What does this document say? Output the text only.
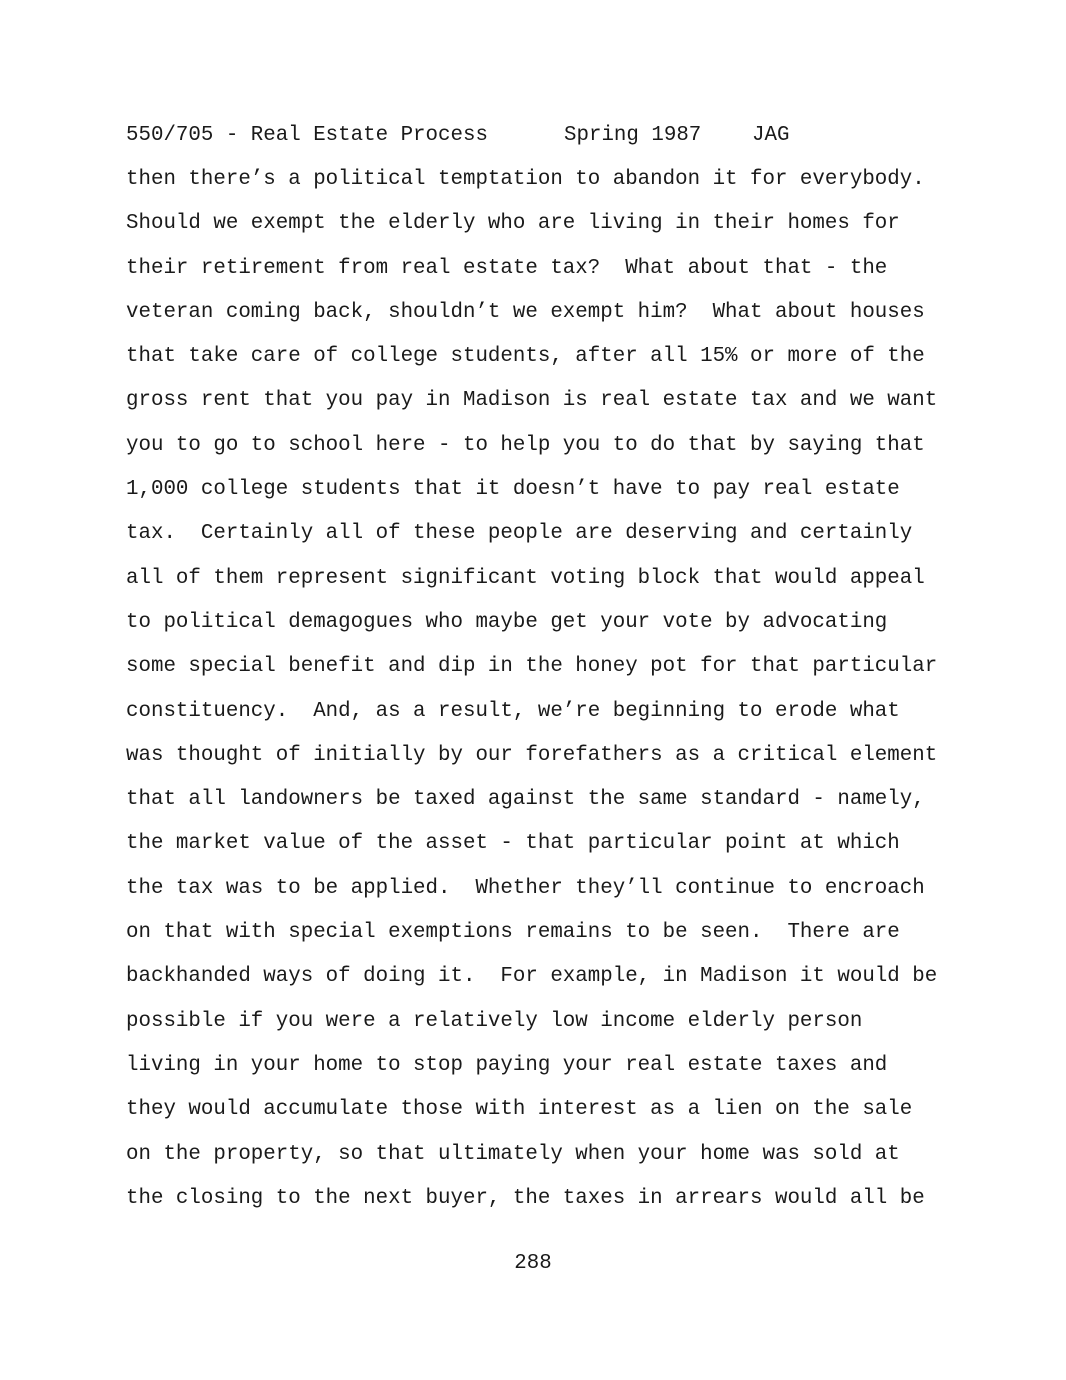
550/705 - Real Estate Process	Spring 1987 JAG
then there’s a political temptation to abandon it for everybody.
Should we exempt the elderly who are living in their homes for
their retirement from real estate tax?  What about that - the
veteran coming back, shouldn’t we exempt him?  What about houses
that take care of college students, after all 15% or more of the
gross rent that you pay in Madison is real estate tax and we want
you to go to school here - to help you to do that by saying that
1,000 college students that it doesn’t have to pay real estate
tax.  Certainly all of these people are deserving and certainly
all of them represent significant voting block that would appeal
to political demagogues who maybe get your vote by advocating
some special benefit and dip in the honey pot for that particular
constituency.  And, as a result, we’re beginning to erode what
was thought of initially by our forefathers as a critical element
that all landowners be taxed against the same standard - namely,
the market value of the asset - that particular point at which
the tax was to be applied.  Whether they’ll continue to encroach
on that with special exemptions remains to be seen.  There are
backhanded ways of doing it.  For example, in Madison it would be
possible if you were a relatively low income elderly person
living in your home to stop paying your real estate taxes and
they would accumulate those with interest as a lien on the sale
on the property, so that ultimately when your home was sold at
the closing to the next buyer, the taxes in arrears would all be
288
